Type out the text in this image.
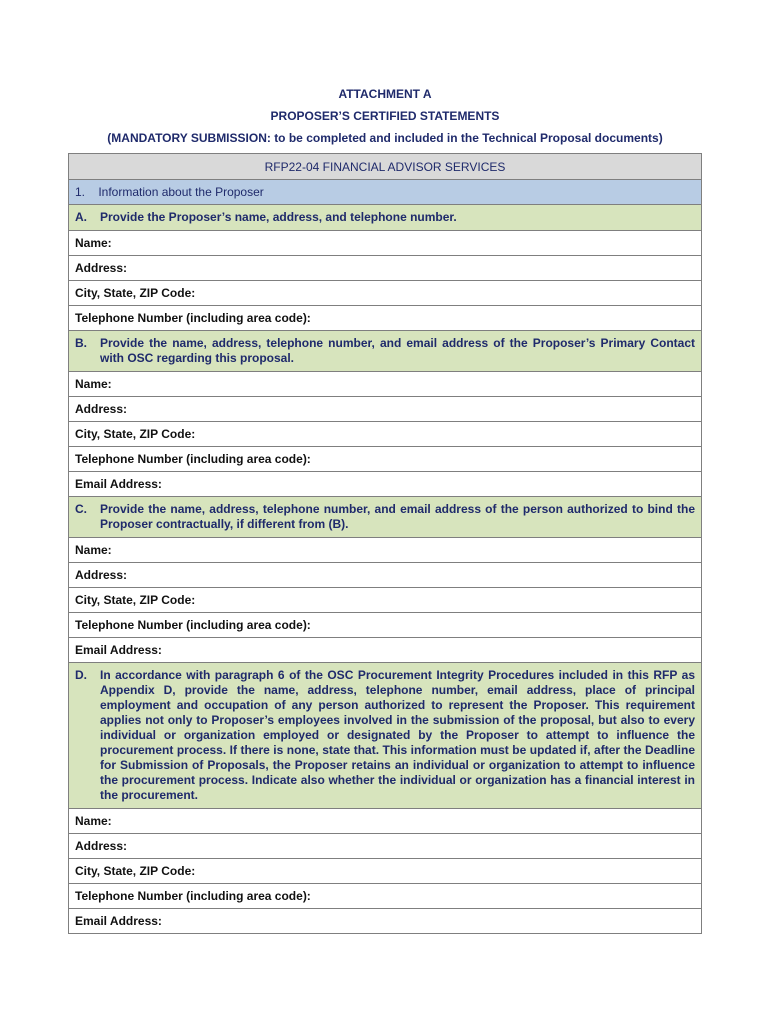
ATTACHMENT A
PROPOSER’S CERTIFIED STATEMENTS
(MANDATORY SUBMISSION: to be completed and included in the Technical Proposal documents)
RFP22-04 FINANCIAL ADVISOR SERVICES
1.    Information about the Proposer

A.	Provide the Proposer’s name, address, and telephone number.

Name:
Address:
City, State, ZIP Code:
Telephone Number (including area code):

B.	Provide the name, address, telephone number, and email address of the Proposer’s Primary Contact with OSC regarding this proposal.

Name:
Address:
City, State, ZIP Code:
Telephone Number (including area code):
Email Address:

C.	Provide the name, address, telephone number, and email address of the person authorized to bind the Proposer contractually, if different from (B).

Name:
Address:
City, State, ZIP Code:
Telephone Number (including area code):
Email Address:

D.	In accordance with paragraph 6 of the OSC Procurement Integrity Procedures included in this RFP as Appendix D, provide the name, address, telephone number, email address, place of principal employment and occupation of any person authorized to represent the Proposer. This requirement applies not only to Proposer’s employees involved in the submission of the proposal, but also to every individual or organization employed or designated by the Proposer to attempt to influence the procurement process. If there is none, state that. This information must be updated if, after the Deadline for Submission of Proposals, the Proposer retains an individual or organization to attempt to influence the procurement process. Indicate also whether the individual or organization has a financial interest in the procurement.

Name:
Address:
City, State, ZIP Code:
Telephone Number (including area code):
Email Address:
